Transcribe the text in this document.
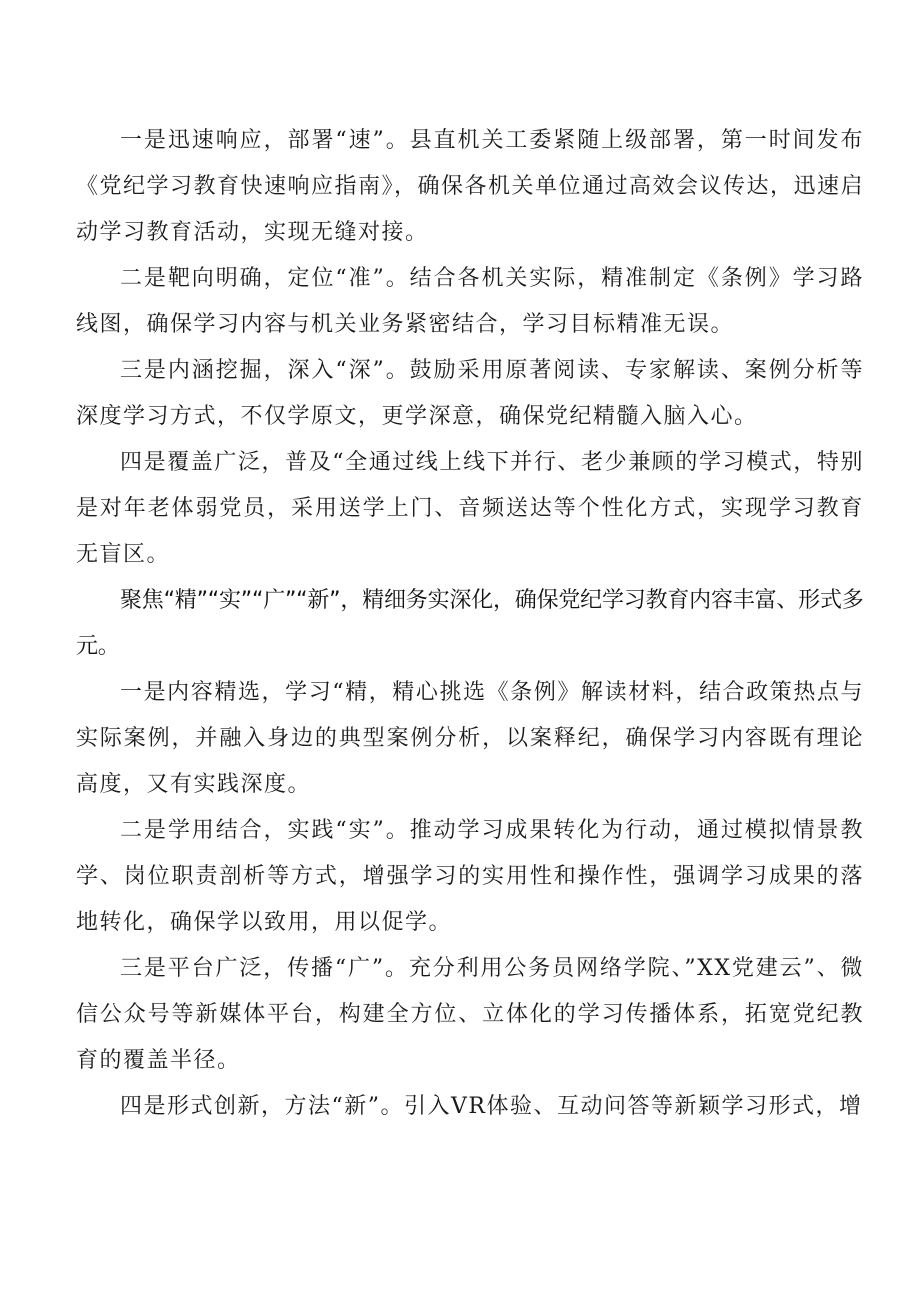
一是迅速响应，部署“速”。县直机关工委紧随上级部署，第一时间发布《党纪学习教育快速响应指南》，确保各机关单位通过高效会议传达，迅速启动学习教育活动，实现无缝对接。

二是靶向明确，定位“准”。结合各机关实际，精准制定《条例》学习路线图，确保学习内容与机关业务紧密结合，学习目标精准无误。

三是内涵挖掘，深入“深”。鼓励采用原著阅读、专家解读、案例分析等深度学习方式，不仅学原文，更学深意，确保党纪精髓入脑入心。

四是覆盖广泛，普及“全通过线上线下并行、老少兼顾的学习模式，特别是对年老体弱党员，采用送学上门、音频送达等个性化方式，实现学习教育无盲区。

聚焦“精”“实”“广”“新”，精细务实深化，确保党纪学习教育内容丰富、形式多元。

一是内容精选，学习“精，精心挑选《条例》解读材料，结合政策热点与实际案例，并融入身边的典型案例分析，以案释纪，确保学习内容既有理论高度，又有实践深度。

二是学用结合，实践“实”。推动学习成果转化为行动，通过模拟情景教学、岗位职责剖析等方式，增强学习的实用性和操作性，强调学习成果的落地转化，确保学以致用，用以促学。

三是平台广泛，传播“广”。充分利用公务员网络学院、”XX党建云”、微信公众号等新媒体平台，构建全方位、立体化的学习传播体系，拓宽党纪教育的覆盖半径。

四是形式创新，方法“新”。引入VR体验、互动问答等新颖学习形式，增
